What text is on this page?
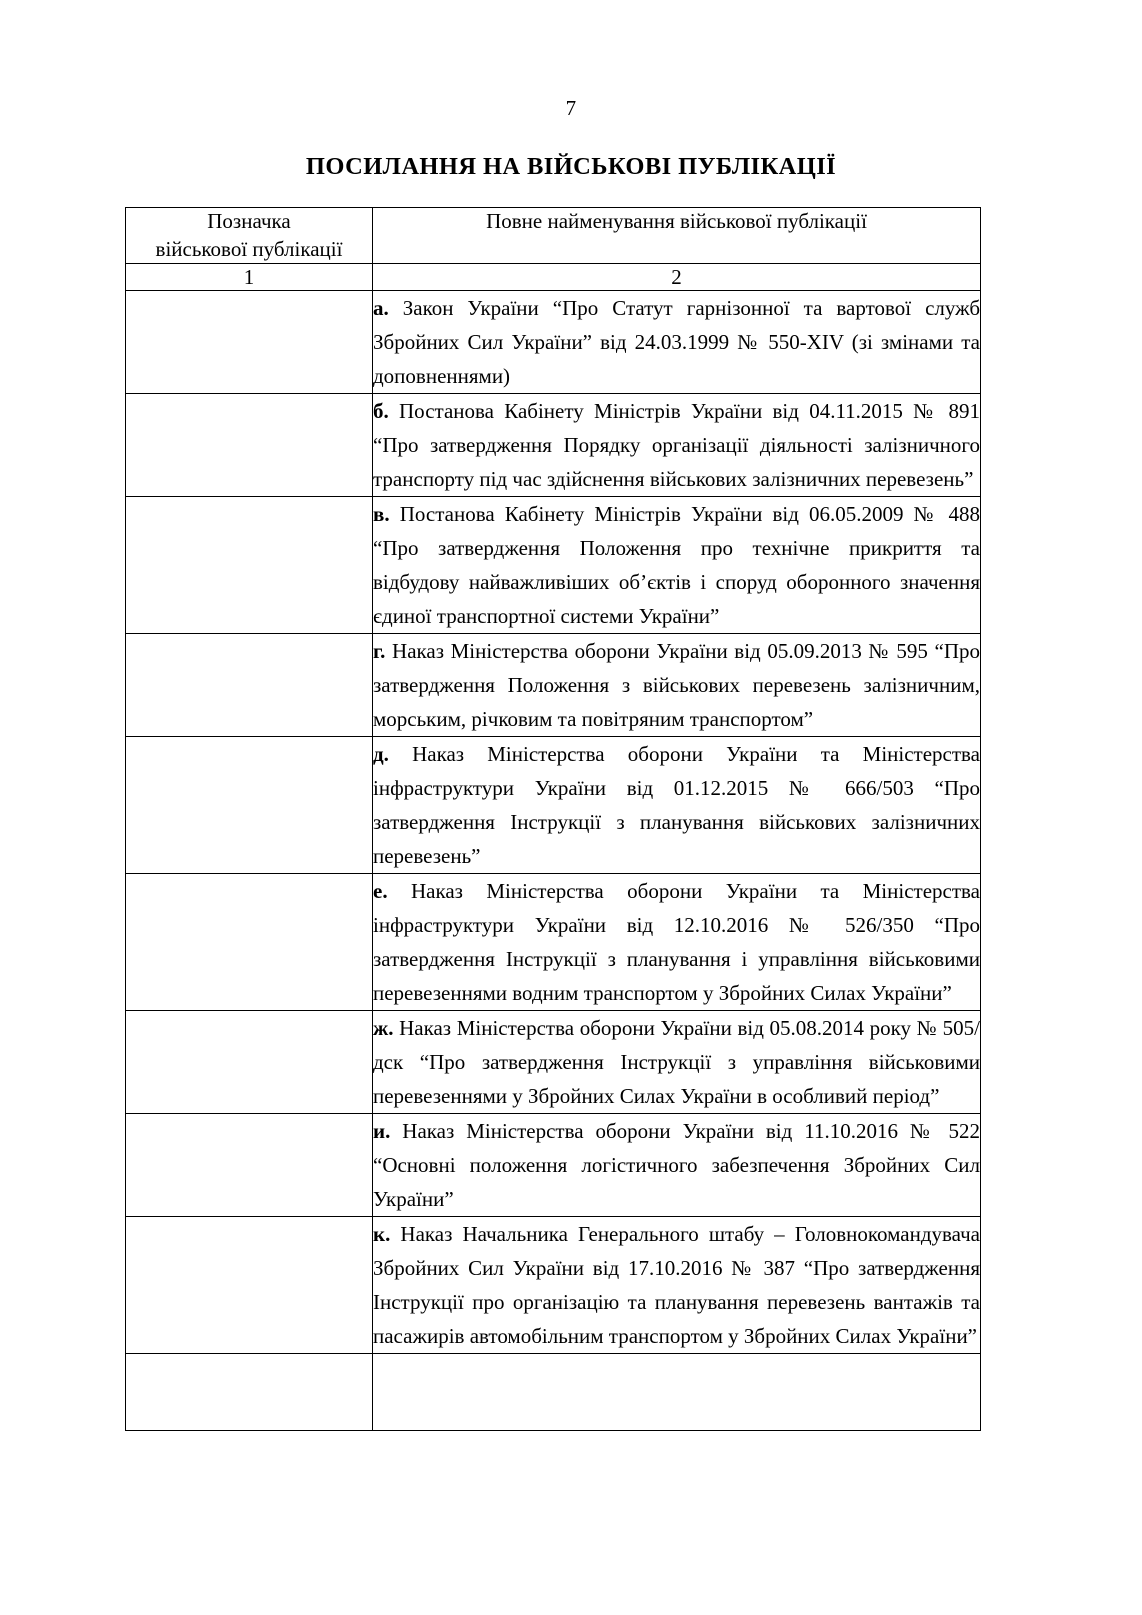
7
ПОСИЛАННЯ НА ВІЙСЬКОВІ ПУБЛІКАЦІЇ
Позначка
військової публікації	Повне найменування військової публікації
1	2

	а. Закон України “Про Статут гарнізонної та вартової служб Збройних Сил України” від 24.03.1999 № 550-XIV (зі змінами та доповненнями)

	б. Постанова Кабінету Міністрів України від 04.11.2015 № 891 “Про затвердження Порядку організації діяльності залізничного транспорту під час здійснення військових залізничних перевезень”

	в. Постанова Кабінету Міністрів України від 06.05.2009 № 488 “Про затвердження Положення про технічне прикриття та відбудову найважливіших об’єктів і споруд оборонного значення єдиної транспортної системи України”

	г. Наказ Міністерства оборони України від 05.09.2013 № 595 “Про затвердження Положення з військових перевезень залізничним, морським, річковим та повітряним транспортом”

	д. Наказ Міністерства оборони України та Міністерства інфраструктури України від 01.12.2015 № 666/503 “Про затвердження Інструкції з планування військових залізничних перевезень”

	е. Наказ Міністерства оборони України та Міністерства інфраструктури України від 12.10.2016 № 526/350 “Про затвердження Інструкції з планування і управління військовими перевезеннями водним транспортом у Збройних Силах України”

	ж. Наказ Міністерства оборони України від 05.08.2014 року № 505/дск “Про затвердження Інструкції з управління військовими перевезеннями у Збройних Силах України в особливий період”

	и. Наказ Міністерства оборони України від 11.10.2016 № 522 “Основні положення логістичного забезпечення Збройних Сил України”

	к. Наказ Начальника Генерального штабу – Головнокомандувача Збройних Сил України від 17.10.2016 № 387 “Про затвердження Інструкції про організацію та планування перевезень вантажів та пасажирів автомобільним транспортом у Збройних Силах України”
